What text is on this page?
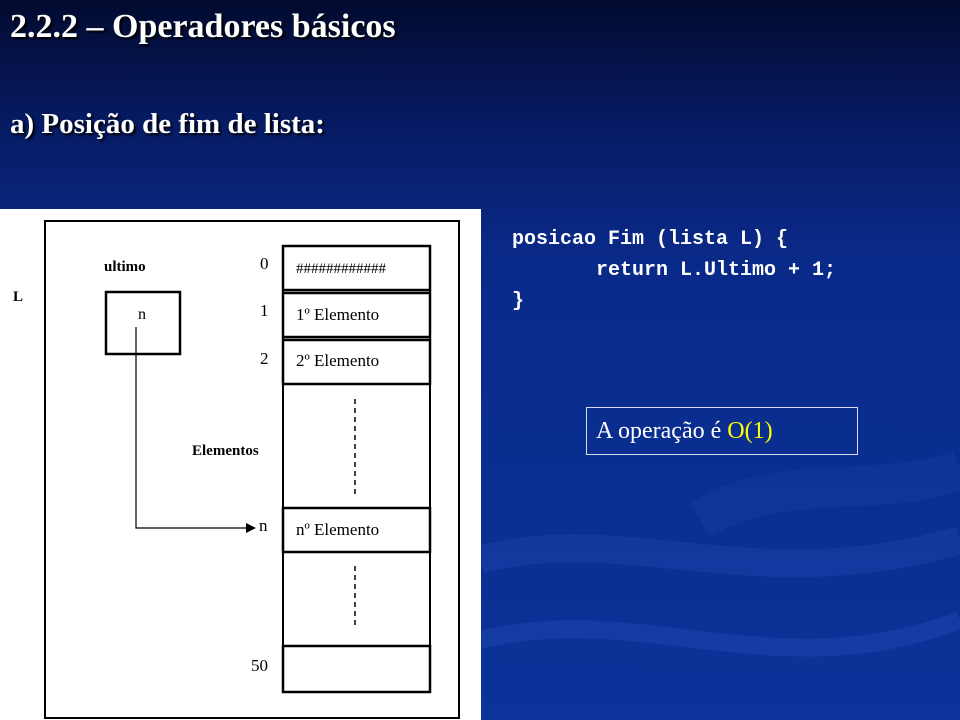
2.2.2 – Operadores básicos
a) Posição de fim de lista:
L
ultimo
n
Elementos
0
1
2
n
50
############
1º Elemento
2º Elemento
nº Elemento
posicao Fim (lista L) {
return L.Ultimo + 1;
}
A operação é O(1)
